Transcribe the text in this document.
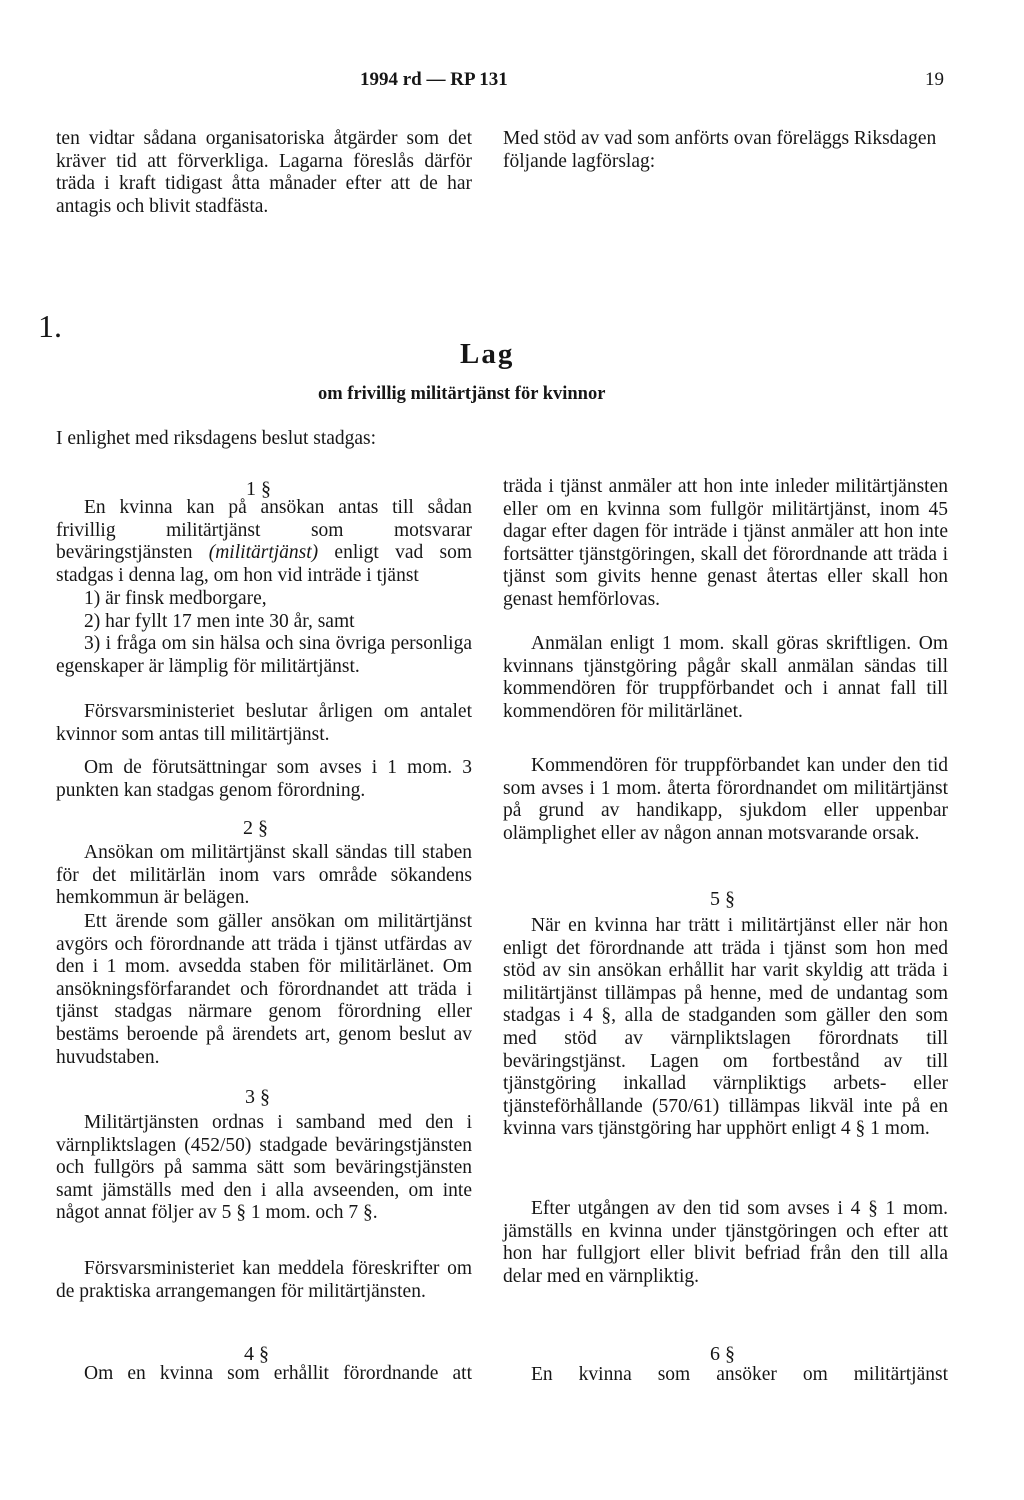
1994 rd — RP 131	19
ten vidtar sådana organisatoriska åtgärder som det kräver tid att förverkliga. Lagarna föreslås därför träda i kraft tidigast åtta månader efter att de har antagis och blivit stadfästa.
Med stöd av vad som anförts ovan föreläggs Riksdagen följande lagförslag:
1.
Lag
om frivillig militärtjänst för kvinnor
I enlighet med riksdagens beslut stadgas:
1 §
En kvinna kan på ansökan antas till sådan frivillig militärtjänst som motsvarar beväringstjänsten (militärtjänst) enligt vad som stadgas i denna lag, om hon vid inträde i tjänst
1) är finsk medborgare,
2) har fyllt 17 men inte 30 år, samt
3) i fråga om sin hälsa och sina övriga personliga egenskaper är lämplig för militärtjänst.
Försvarsministeriet beslutar årligen om antalet kvinnor som antas till militärtjänst.
Om de förutsättningar som avses i 1 mom. 3 punkten kan stadgas genom förordning.
2 §
Ansökan om militärtjänst skall sändas till staben för det militärlän inom vars område sökandens hemkommun är belägen.
Ett ärende som gäller ansökan om militärtjänst avgörs och förordnande att träda i tjänst utfärdas av den i 1 mom. avsedda staben för militärlänet. Om ansökningsförfarandet och förordnandet att träda i tjänst stadgas närmare genom förordning eller bestäms beroende på ärendets art, genom beslut av huvudstaben.
3 §
Militärtjänsten ordnas i samband med den i värnpliktslagen (452/50) stadgade beväringstjänsten och fullgörs på samma sätt som beväringstjänsten samt jämställs med den i alla avseenden, om inte något annat följer av 5 § 1 mom. och 7 §.
Försvarsministeriet kan meddela föreskrifter om de praktiska arrangemangen för militärtjänsten.
4 §
Om en kvinna som erhållit förordnande att
träda i tjänst anmäler att hon inte inleder militärtjänsten eller om en kvinna som fullgör militärtjänst, inom 45 dagar efter dagen för inträde i tjänst anmäler att hon inte fortsätter tjänstgöringen, skall det förordnande att träda i tjänst som givits henne genast återtas eller skall hon genast hemförlovas.
Anmälan enligt 1 mom. skall göras skriftligen. Om kvinnans tjänstgöring pågår skall anmälan sändas till kommendören för truppförbandet och i annat fall till kommendören för militärlänet.
Kommendören för truppförbandet kan under den tid som avses i 1 mom. återta förordnandet om militärtjänst på grund av handikapp, sjukdom eller uppenbar olämplighet eller av någon annan motsvarande orsak.
5 §
När en kvinna har trätt i militärtjänst eller när hon enligt det förordnande att träda i tjänst som hon med stöd av sin ansökan erhållit har varit skyldig att träda i militärtjänst tillämpas på henne, med de undantag som stadgas i 4 §, alla de stadganden som gäller den som med stöd av värnpliktslagen förordnats till beväringstjänst. Lagen om fortbestånd av till tjänstgöring inkallad värnpliktigs arbets- eller tjänsteförhållande (570/61) tillämpas likväl inte på en kvinna vars tjänstgöring har upphört enligt 4 § 1 mom.
Efter utgången av den tid som avses i 4 § 1 mom. jämställs en kvinna under tjänstgöringen och efter att hon har fullgjort eller blivit befriad från den till alla delar med en värnpliktig.
6 §
En kvinna som ansöker om militärtjänst
